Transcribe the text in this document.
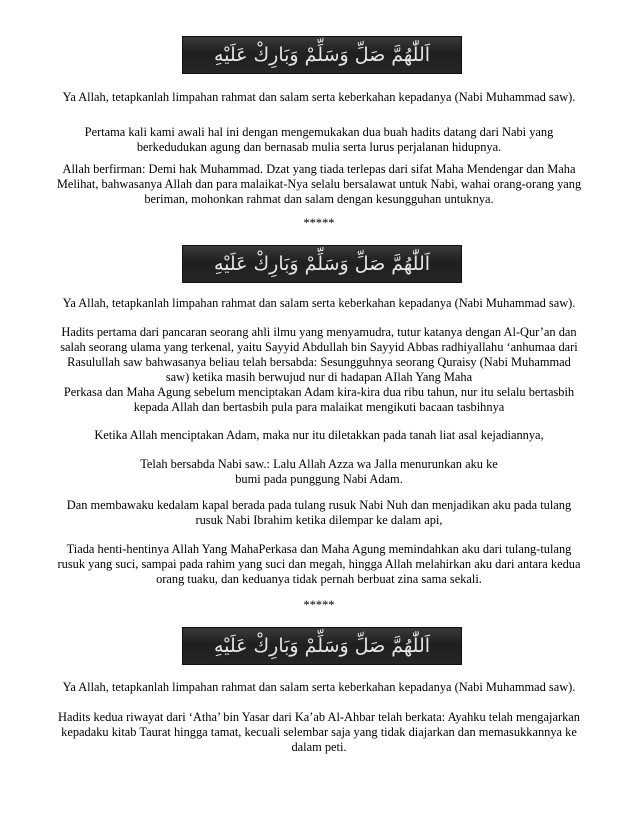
اَللّٰهُمَّ صَلِّ وَسَلِّمْ وَبَارِكْ عَلَيْهِ

Ya Allah, tetapkanlah limpahan rahmat dan salam serta keberkahan kepadanya (Nabi Muhammad saw).

Pertama kali kami awali hal ini dengan mengemukakan dua buah hadits datang dari Nabi yang
berkedudukan agung dan bernasab mulia serta lurus perjalanan hidupnya.

Allah berfirman: Demi hak Muhammad. Dzat yang tiada terlepas dari sifat Maha Mendengar dan Maha
Melihat, bahwasanya Allah dan para malaikat-Nya selalu bersalawat untuk Nabi, wahai orang-orang yang
beriman, mohonkan rahmat dan salam dengan kesungguhan untuknya.

*****

اَللّٰهُمَّ صَلِّ وَسَلِّمْ وَبَارِكْ عَلَيْهِ

Ya Allah, tetapkanlah limpahan rahmat dan salam serta keberkahan kepadanya (Nabi Muhammad saw).

Hadits pertama dari pancaran seorang ahli ilmu yang menyamudra, tutur katanya dengan Al-Qur’an dan
salah seorang ulama yang terkenal, yaitu Sayyid Abdullah bin Sayyid Abbas radhiyallahu ‘anhumaa dari
Rasulullah saw bahwasanya beliau telah bersabda: Sesungguhnya seorang Quraisy (Nabi Muhammad
saw) ketika masih berwujud nur di hadapan AIlah Yang Maha
Perkasa dan Maha Agung sebelum menciptakan Adam kira-kira dua ribu tahun, nur itu selalu bertasbih
kepada Allah dan bertasbih pula para malaikat mengikuti bacaan tasbihnya

Ketika Allah menciptakan Adam, maka nur itu diletakkan pada tanah liat asal kejadiannya,

Telah bersabda Nabi saw.: Lalu Allah Azza wa Jalla menurunkan aku ke
bumi pada punggung Nabi Adam.

Dan membawaku kedalam kapal berada pada tulang rusuk Nabi Nuh dan menjadikan aku pada tulang
rusuk Nabi Ibrahim ketika dilempar ke dalam api,

Tiada henti-hentinya Allah Yang MahaPerkasa dan Maha Agung memindahkan aku dari tulang-tulang
rusuk yang suci, sampai pada rahim yang suci dan megah, hingga Allah melahirkan aku dari antara kedua
orang tuaku, dan keduanya tidak pernah berbuat zina sama sekali.

*****

اَللّٰهُمَّ صَلِّ وَسَلِّمْ وَبَارِكْ عَلَيْهِ

Ya Allah, tetapkanlah limpahan rahmat dan salam serta keberkahan kepadanya (Nabi Muhammad saw).

Hadits kedua riwayat dari ‘Atha’ bin Yasar dari Ka’ab Al-Ahbar telah berkata: Ayahku telah mengajarkan
kepadaku kitab Taurat hingga tamat, kecuali selembar saja yang tidak diajarkan dan memasukkannya ke
dalam peti.
